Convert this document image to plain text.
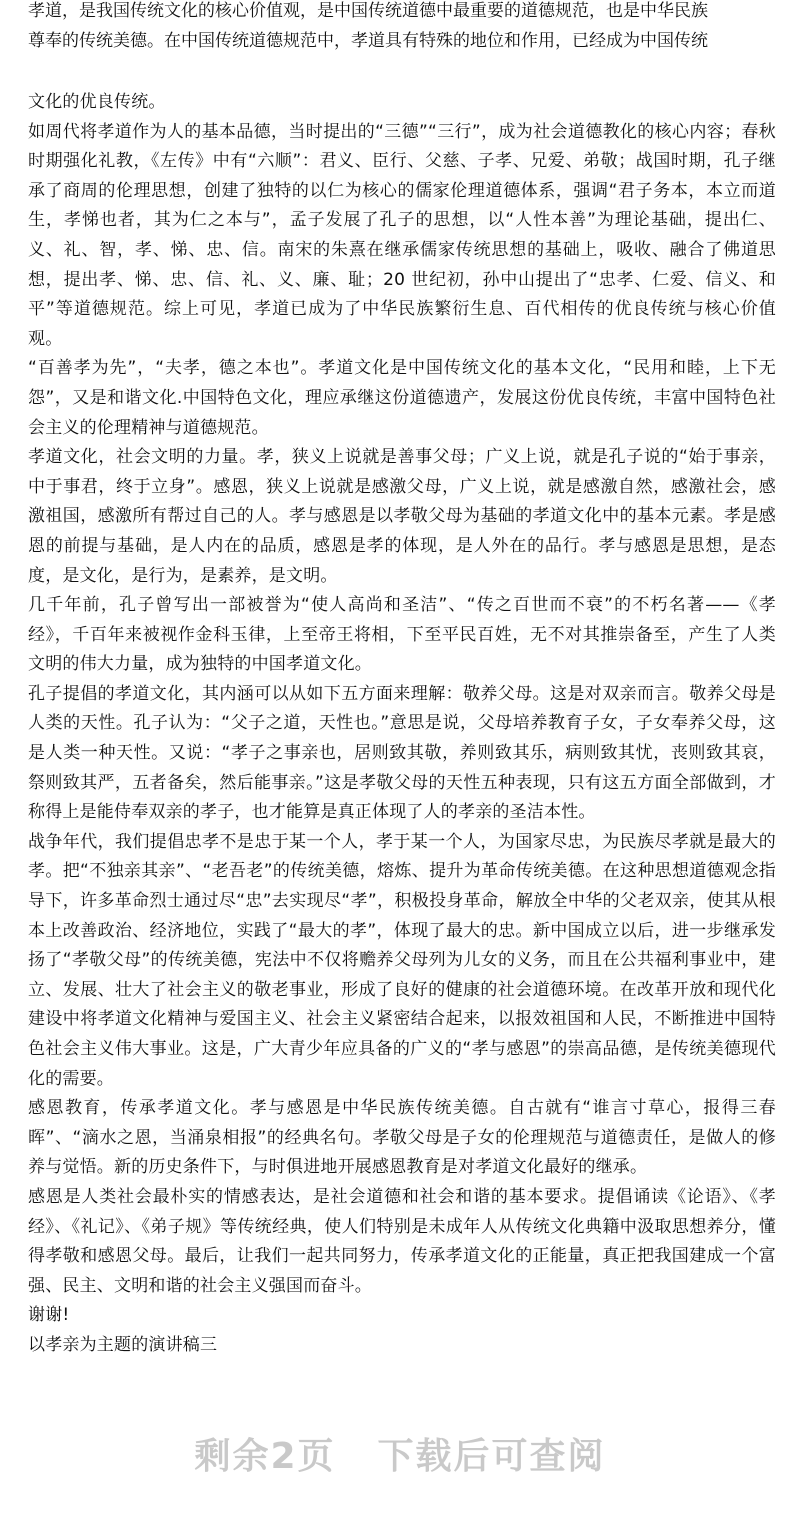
孝道，是我国传统文化的核心价值观，是中国传统道德中最重要的道德规范，也是中华民族
尊奉的传统美德。在中国传统道德规范中，孝道具有特殊的地位和作用，已经成为中国传统

文化的优良传统。

如周代将孝道作为人的基本品德，当时提出的“三德”“三行”，成为社会道德教化的核心内容；春秋时期强化礼教，《左传》中有“六顺”：君义、臣行、父慈、子孝、兄爱、弟敬；战国时期，孔子继承了商周的伦理思想，创建了独特的以仁为核心的儒家伦理道德体系，强调“君子务本，本立而道生，孝悌也者，其为仁之本与”，孟子发展了孔子的思想，以“人性本善”为理论基础，提出仁、义、礼、智，孝、悌、忠、信。南宋的朱熹在继承儒家传统思想的基础上，吸收、融合了佛道思想，提出孝、悌、忠、信、礼、义、廉、耻；20 世纪初，孙中山提出了“忠孝、仁爱、信义、和平”等道德规范。综上可见，孝道已成为了中华民族繁衍生息、百代相传的优良传统与核心价值观。

“百善孝为先”，“夫孝，德之本也”。孝道文化是中国传统文化的基本文化，“民用和睦，上下无怨”，又是和谐文化.中国特色文化，理应承继这份道德遗产，发展这份优良传统，丰富中国特色社会主义的伦理精神与道德规范。

孝道文化，社会文明的力量。孝，狭义上说就是善事父母；广义上说，就是孔子说的“始于事亲，中于事君，终于立身”。感恩，狭义上说就是感激父母，广义上说，就是感激自然，感激社会，感激祖国，感激所有帮过自己的人。孝与感恩是以孝敬父母为基础的孝道文化中的基本元素。孝是感恩的前提与基础，是人内在的品质，感恩是孝的体现，是人外在的品行。孝与感恩是思想，是态度，是文化，是行为，是素养，是文明。

几千年前，孔子曾写出一部被誉为“使人高尚和圣洁”、“传之百世而不衰”的不朽名著——《孝经》，千百年来被视作金科玉律，上至帝王将相，下至平民百姓，无不对其推崇备至，产生了人类文明的伟大力量，成为独特的中国孝道文化。

孔子提倡的孝道文化，其内涵可以从如下五方面来理解：敬养父母。这是对双亲而言。敬养父母是人类的天性。孔子认为：“父子之道，天性也。”意思是说，父母培养教育子女，子女奉养父母，这是人类一种天性。又说：“孝子之事亲也，居则致其敬，养则致其乐，病则致其忧，丧则致其哀，祭则致其严，五者备矣，然后能事亲。”这是孝敬父母的天性五种表现，只有这五方面全部做到，才称得上是能侍奉双亲的孝子，也才能算是真正体现了人的孝亲的圣洁本性。

战争年代，我们提倡忠孝不是忠于某一个人，孝于某一个人，为国家尽忠，为民族尽孝就是最大的孝。把“不独亲其亲”、“老吾老”的传统美德，熔炼、提升为革命传统美德。在这种思想道德观念指导下，许多革命烈士通过尽“忠”去实现尽“孝”，积极投身革命，解放全中华的父老双亲，使其从根本上改善政治、经济地位，实践了“最大的孝”，体现了最大的忠。新中国成立以后，进一步继承发扬了“孝敬父母”的传统美德，宪法中不仅将赡养父母列为儿女的义务，而且在公共福利事业中，建立、发展、壮大了社会主义的敬老事业，形成了良好的健康的社会道德环境。在改革开放和现代化建设中将孝道文化精神与爱国主义、社会主义紧密结合起来，以报效祖国和人民，不断推进中国特色社会主义伟大事业。这是，广大青少年应具备的广义的“孝与感恩”的崇高品德，是传统美德现代化的需要。

感恩教育，传承孝道文化。孝与感恩是中华民族传统美德。自古就有“谁言寸草心，报得三春晖”、“滴水之恩，当涌泉相报”的经典名句。孝敬父母是子女的伦理规范与道德责任，是做人的修养与觉悟。新的历史条件下，与时俱进地开展感恩教育是对孝道文化最好的继承。

感恩是人类社会最朴实的情感表达，是社会道德和社会和谐的基本要求。提倡诵读《论语》、《孝经》、《礼记》、《弟子规》等传统经典，使人们特别是未成年人从传统文化典籍中汲取思想养分，懂得孝敬和感恩父母。最后，让我们一起共同努力，传承孝道文化的正能量，真正把我国建成一个富强、民主、文明和谐的社会主义强国而奋斗。

谢谢!

以孝亲为主题的演讲稿三

剩余2页 下载后可查阅
